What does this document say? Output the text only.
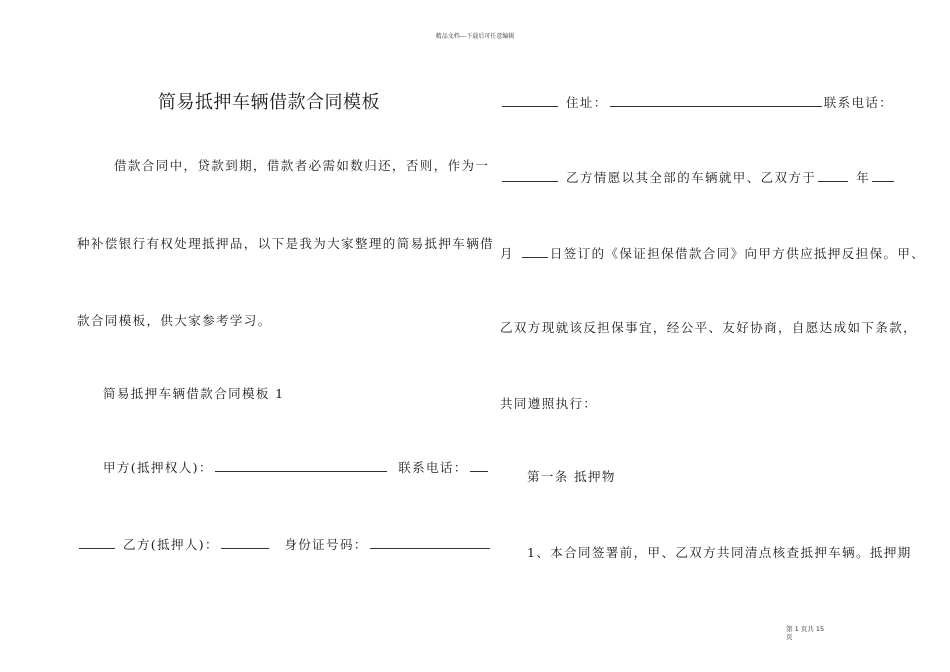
精品文档---下载后可任意编辑
简易抵押车辆借款合同模板
借款合同中，贷款到期，借款者必需如数归还，否则，作为一
种补偿银行有权处理抵押品，以下是我为大家整理的简易抵押车辆借
款合同模板，供大家参考学习。
简易抵押车辆借款合同模板 1
甲方(抵押权人)：	联系电话：
乙方(抵押人)：	身份证号码：
住址：	联系电话：
乙方情愿以其全部的车辆就甲、乙双方于	年
月	日签订的《保证担保借款合同》向甲方供应抵押反担保。甲、
乙双方现就该反担保事宜，经公平、友好协商，自愿达成如下条款，
共同遵照执行：
第一条 抵押物
1、本合同签署前，甲、乙双方共同清点核查抵押车辆。抵押期
第 1 页共 15
页
